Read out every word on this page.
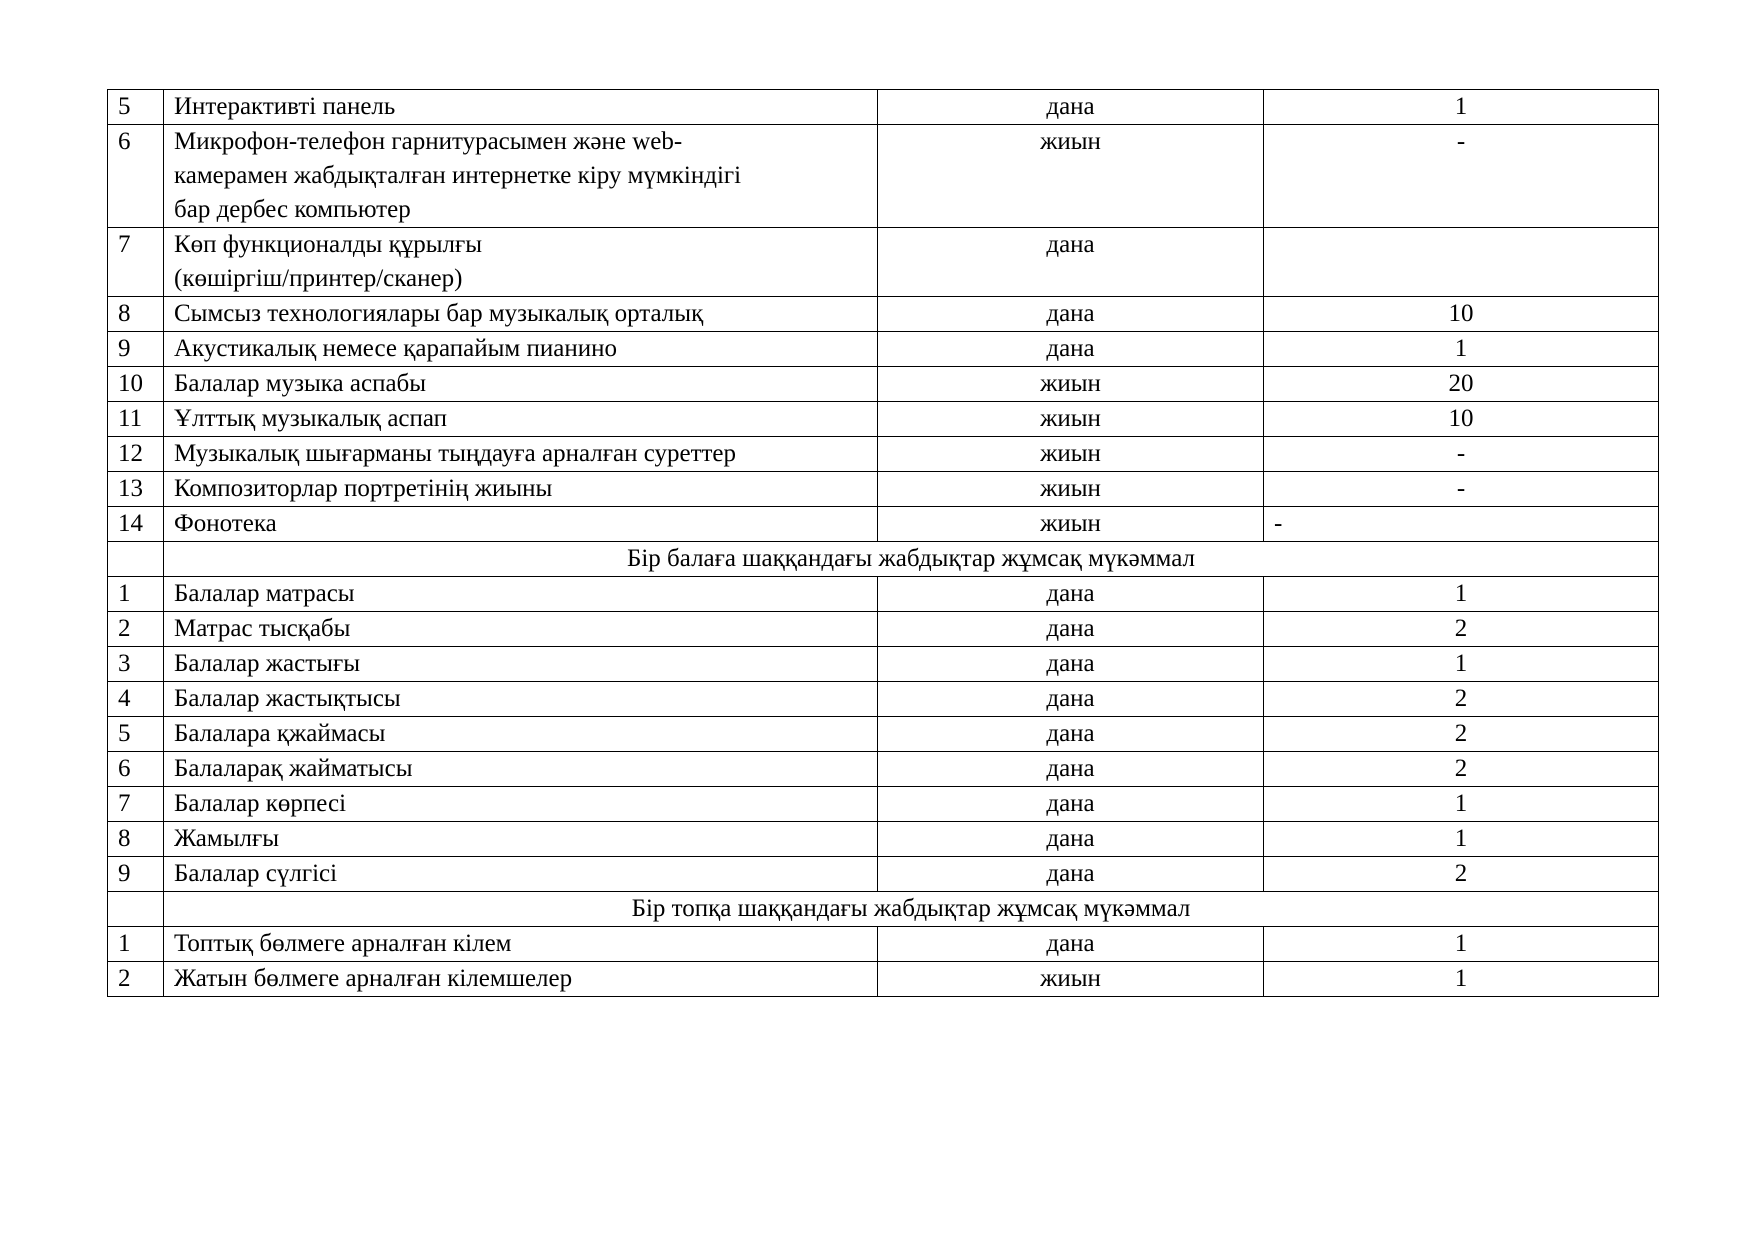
5	Интерактивті панель	дана	1
6	Микрофон-телефон гарнитурасымен және web-
камерамен жабдықталған интернетке кіру мүмкіндігі
бар дербес компьютер	жиын	-
7	Көп функционалды құрылғы
(көшіргіш/принтер/сканер)	дана	
8	Сымсыз технологиялары бар музыкалық орталық	дана	10
9	Акустикалық немесе қарапайым пианино	дана	1
10	Балалар музыка аспабы	жиын	20
11	Ұлттық музыкалық аспап	жиын	10
12	Музыкалық шығарманы тыңдауға арналған суреттер	жиын	-
13	Композиторлар портретінің жиыны	жиын	-
14	Фонотека	жиын	-
	Бір балаға шаққандағы жабдықтар жұмсақ мүкәммал		
1	Балалар матрасы	дана	1
2	Матрас тысқабы	дана	2
3	Балалар жастығы	дана	1
4	Балалар жастықтысы	дана	2
5	Балалара қжаймасы	дана	2
6	Балаларақ жайматысы	дана	2
7	Балалар көрпесі	дана	1
8	Жамылғы	дана	1
9	Балалар сүлгісі	дана	2
	Бір топқа шаққандағы жабдықтар жұмсақ мүкәммал		
1	Топтық бөлмеге арналған кілем	дана	1
2	Жатын бөлмеге арналған кілемшелер	жиын	1
